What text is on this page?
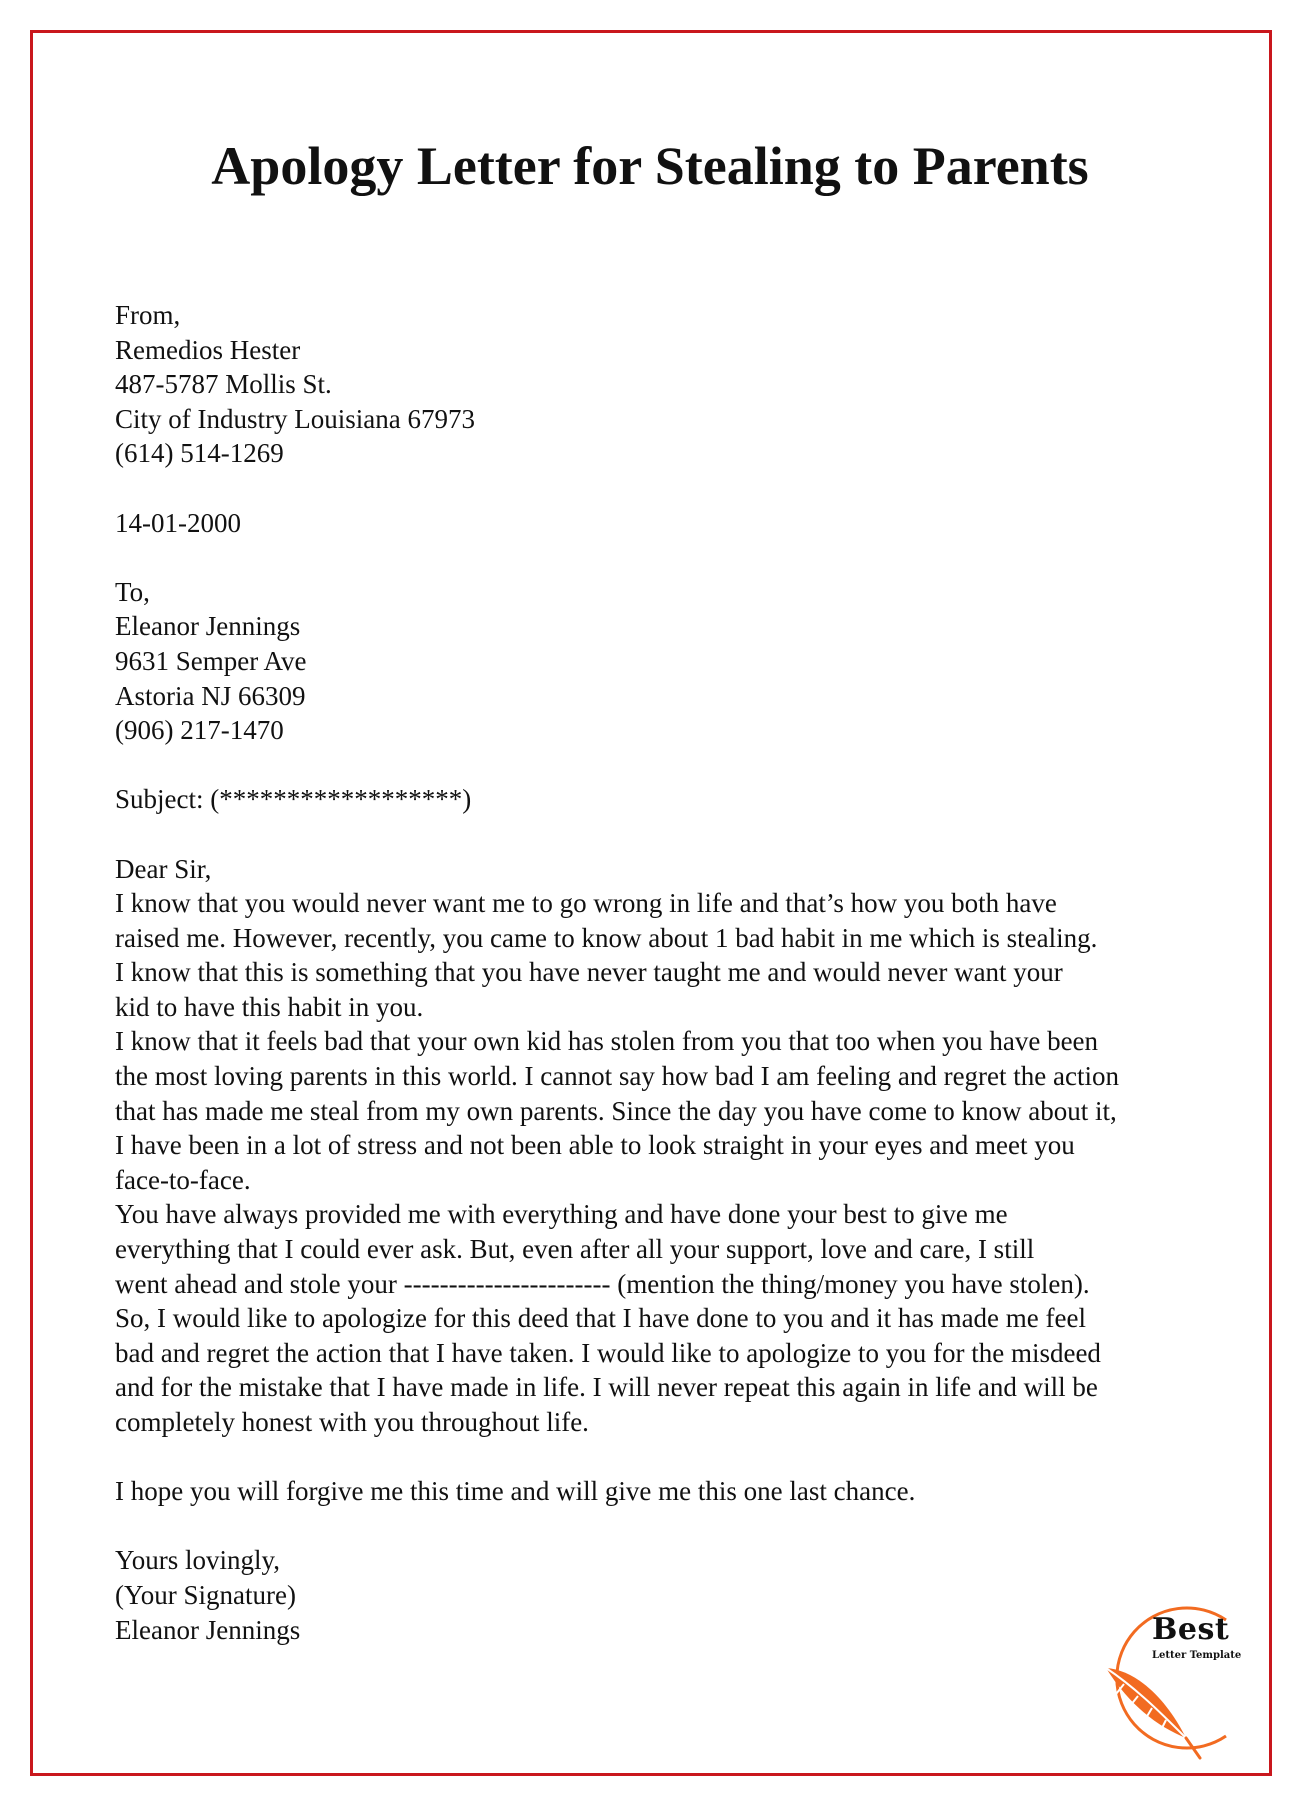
Apology Letter for Stealing to Parents
From,
Remedios Hester
487-5787 Mollis St.
City of Industry Louisiana 67973
(614) 514-1269
14-01-2000
To,
Eleanor Jennings
9631 Semper Ave
Astoria NJ 66309
(906) 217-1470
Subject: (******************)
Dear Sir,
I know that you would never want me to go wrong in life and that’s how you both have
raised me. However, recently, you came to know about 1 bad habit in me which is stealing.
I know that this is something that you have never taught me and would never want your
kid to have this habit in you.
I know that it feels bad that your own kid has stolen from you that too when you have been
the most loving parents in this world. I cannot say how bad I am feeling and regret the action
that has made me steal from my own parents. Since the day you have come to know about it,
I have been in a lot of stress and not been able to look straight in your eyes and meet you
face-to-face.
You have always provided me with everything and have done your best to give me
everything that I could ever ask. But, even after all your support, love and care, I still
went ahead and stole your ----------------------- (mention the thing/money you have stolen).
So, I would like to apologize for this deed that I have done to you and it has made me feel
bad and regret the action that I have taken. I would like to apologize to you for the misdeed
and for the mistake that I have made in life. I will never repeat this again in life and will be
completely honest with you throughout life.
I hope you will forgive me this time and will give me this one last chance.
Yours lovingly,
(Your Signature)
Eleanor Jennings	Best
Letter Template
